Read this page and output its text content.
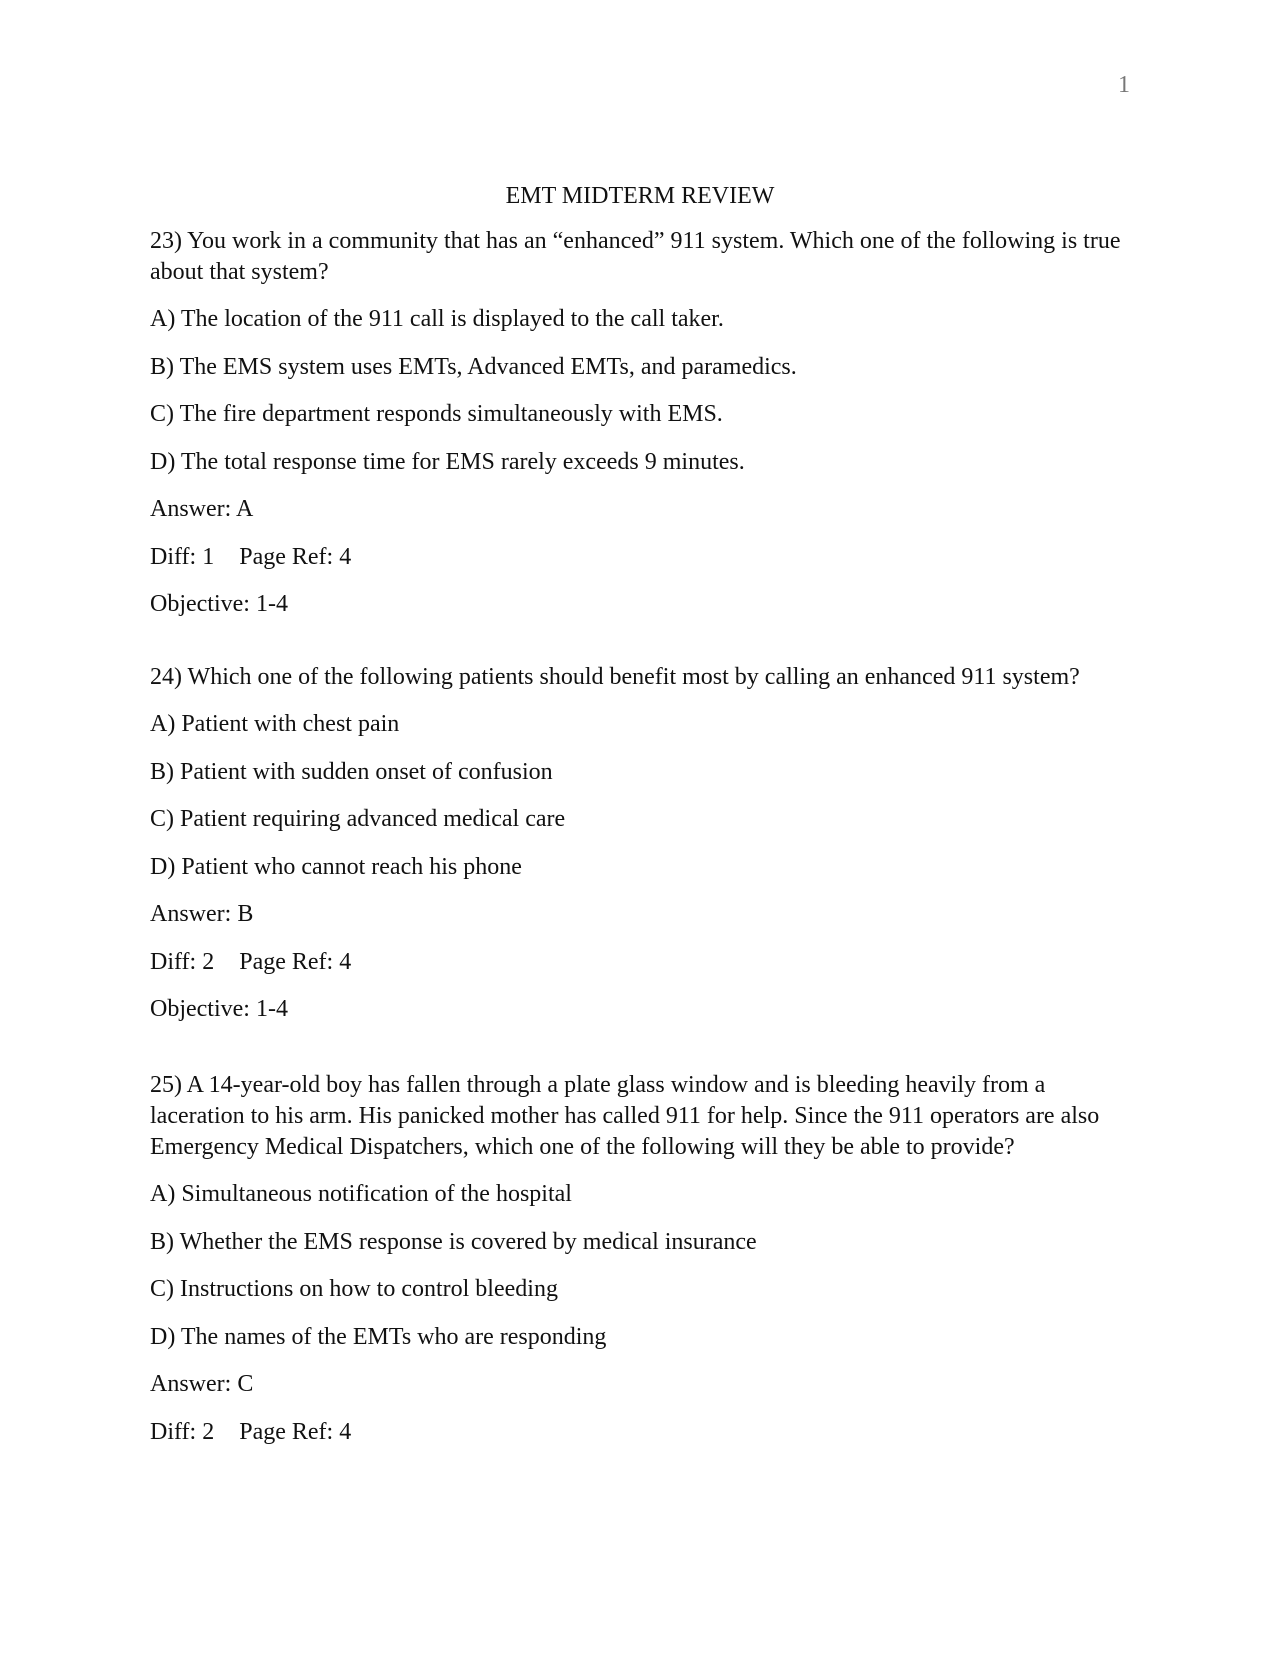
1
EMT MIDTERM REVIEW

23) You work in a community that has an “enhanced” 911 system. Which one of the following is true about that system?

A) The location of the 911 call is displayed to the call taker.

B) The EMS system uses EMTs, Advanced EMTs, and paramedics.

C) The fire department responds simultaneously with EMS.

D) The total response time for EMS rarely exceeds 9 minutes.

Answer: A

Diff: 1 Page Ref: 4

Objective: 1-4

24) Which one of the following patients should benefit most by calling an enhanced 911 system?

A) Patient with chest pain

B) Patient with sudden onset of confusion

C) Patient requiring advanced medical care

D) Patient who cannot reach his phone

Answer: B

Diff: 2 Page Ref: 4

Objective: 1-4

25) A 14-year-old boy has fallen through a plate glass window and is bleeding heavily from a laceration to his arm. His panicked mother has called 911 for help. Since the 911 operators are also Emergency Medical Dispatchers, which one of the following will they be able to provide?

A) Simultaneous notification of the hospital

B) Whether the EMS response is covered by medical insurance

C) Instructions on how to control bleeding

D) The names of the EMTs who are responding

Answer: C

Diff: 2 Page Ref: 4
